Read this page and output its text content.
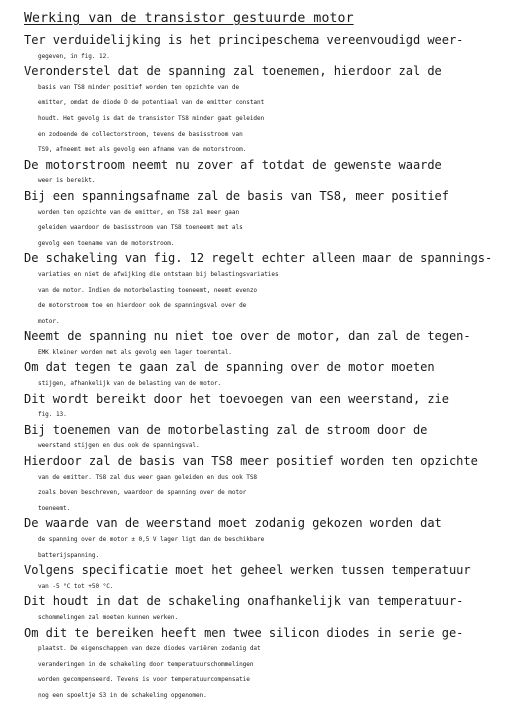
Werking van de transistor gestuurde motor
Ter verduidelijking is het principeschema vereenvoudigd weer-
gegeven, in fig. 12.
Veronderstel dat de spanning zal toenemen, hierdoor zal de
basis van TS8 minder positief worden ten opzichte van de
emitter, omdat de diode D de potentiaal van de emitter constant
houdt. Het gevolg is dat de transistor TS8 minder gaat geleiden
en zodoende de collectorstroom, tevens de basisstroom van
TS9, afneemt met als gevolg een afname van de motorstroom.
De motorstroom neemt nu zover af totdat de gewenste waarde
weer is bereikt.
Bij een spanningsafname zal de basis van TS8, meer positief
worden ten opzichte van de emitter, en TS8 zal meer gaan
geleiden waardoor de basisstroom van TS8 toeneemt met als
gevolg een toename van de motorstroom.
De schakeling van fig. 12 regelt echter alleen maar de spannings-
variaties en niet de afwijking die ontstaan bij belastingsvariaties
van de motor. Indien de motorbelasting toeneemt, neemt evenzo
de motorstroom toe en hierdoor ook de spanningsval over de
motor.
Neemt de spanning nu niet toe over de motor, dan zal de tegen-
EMK kleiner worden met als gevolg een lager toerental.
Om dat tegen te gaan zal de spanning over de motor moeten
stijgen, afhankelijk van de belasting van de motor.
Dit wordt bereikt door het toevoegen van een weerstand, zie
fig. 13.
Bij toenemen van de motorbelasting zal de stroom door de
weerstand stijgen en dus ook de spanningsval.
Hierdoor zal de basis van TS8 meer positief worden ten opzichte
van de emitter. TS8 zal dus weer gaan geleiden en dus ook TS8
zoals boven beschreven, waardoor de spanning over de motor
toeneemt.
De waarde van de weerstand moet zodanig gekozen worden dat
de spanning over de motor ± 0,5 V lager ligt dan de beschikbare
batterijspanning.
Volgens specificatie moet het geheel werken tussen temperatuur
van -5 °C tot +50 °C.
Dit houdt in dat de schakeling onafhankelijk van temperatuur-
schommelingen zal moeten kunnen werken.
Om dit te bereiken heeft men twee silicon diodes in serie ge-
plaatst. De eigenschappen van deze diodes variëren zodanig dat
veranderingen in de schakeling door temperatuurschommelingen
worden gecompenseerd. Tevens is voor temperatuurcompensatie
nog een spoeltje S3 in de schakeling opgenomen.
